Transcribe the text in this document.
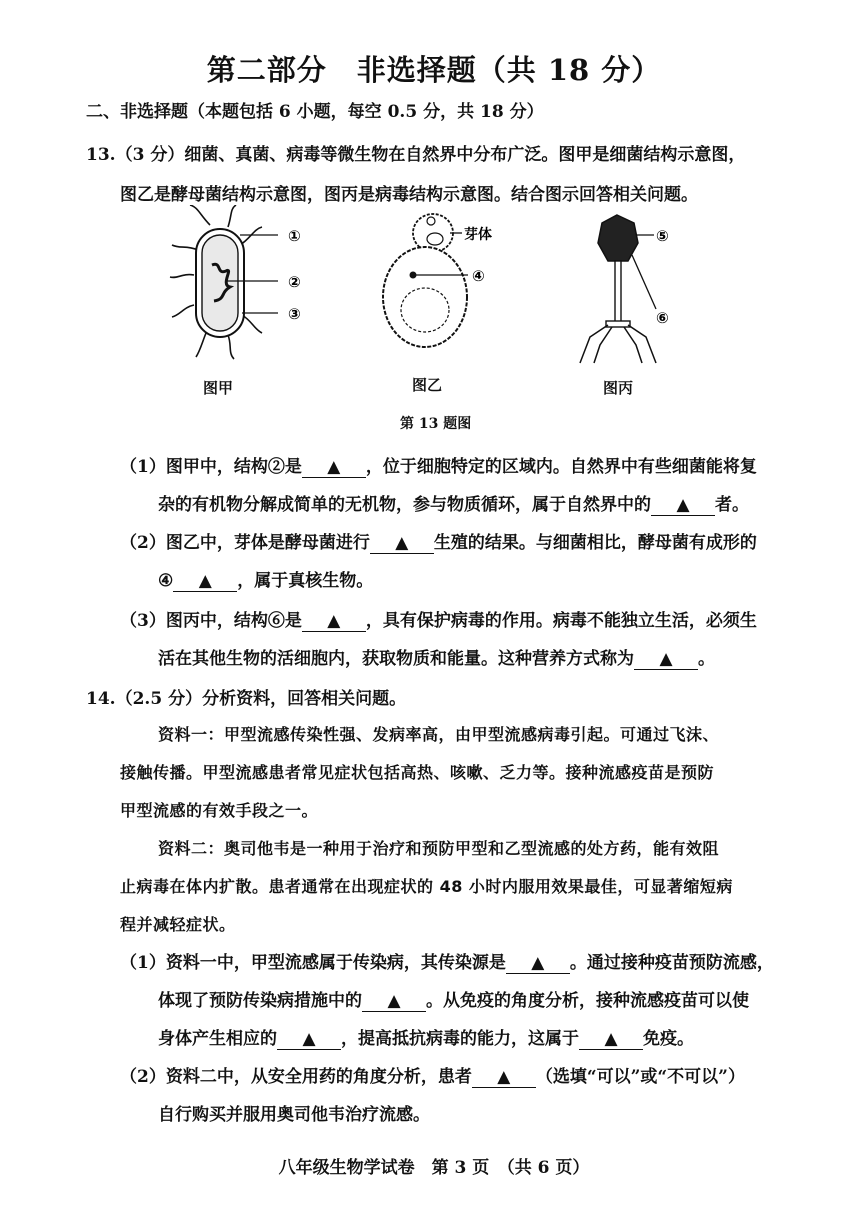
第二部分　非选择题（共 18 分）
二、非选择题（本题包括 6 小题，每空 0.5 分，共 18 分）
13.（3 分）细菌、真菌、病毒等微生物在自然界中分布广泛。图甲是细菌结构示意图，
图乙是酵母菌结构示意图，图丙是病毒结构示意图。结合图示回答相关问题。
①
②
③
芽体
④
⑤
⑥
图甲	图乙	图丙
第 13 题图
（1）图甲中，结构②是 ▲ ，位于细胞特定的区域内。自然界中有些细菌能将复
杂的有机物分解成简单的无机物，参与物质循环，属于自然界中的 ▲ 者。
（2）图乙中，芽体是酵母菌进行 ▲ 生殖的结果。与细菌相比，酵母菌有成形的
④ ▲ ，属于真核生物。
（3）图丙中，结构⑥是 ▲ ，具有保护病毒的作用。病毒不能独立生活，必须生
活在其他生物的活细胞内，获取物质和能量。这种营养方式称为 ▲ 。
14.（2.5 分）分析资料，回答相关问题。
资料一：甲型流感传染性强、发病率高，由甲型流感病毒引起。可通过飞沫、
接触传播。甲型流感患者常见症状包括高热、咳嗽、乏力等。接种流感疫苗是预防
甲型流感的有效手段之一。
资料二：奥司他韦是一种用于治疗和预防甲型和乙型流感的处方药，能有效阻
止病毒在体内扩散。患者通常在出现症状的 48 小时内服用效果最佳，可显著缩短病
程并减轻症状。
（1）资料一中，甲型流感属于传染病，其传染源是 ▲ 。通过接种疫苗预防流感，
体现了预防传染病措施中的 ▲ 。从免疫的角度分析，接种流感疫苗可以使
身体产生相应的 ▲ ，提高抵抗病毒的能力，这属于 ▲ 免疫。
（2）资料二中，从安全用药的角度分析，患者 ▲ （选填“可以”或“不可以”）
自行购买并服用奥司他韦治疗流感。
八年级生物学试卷　第 3 页　（共 6 页）
